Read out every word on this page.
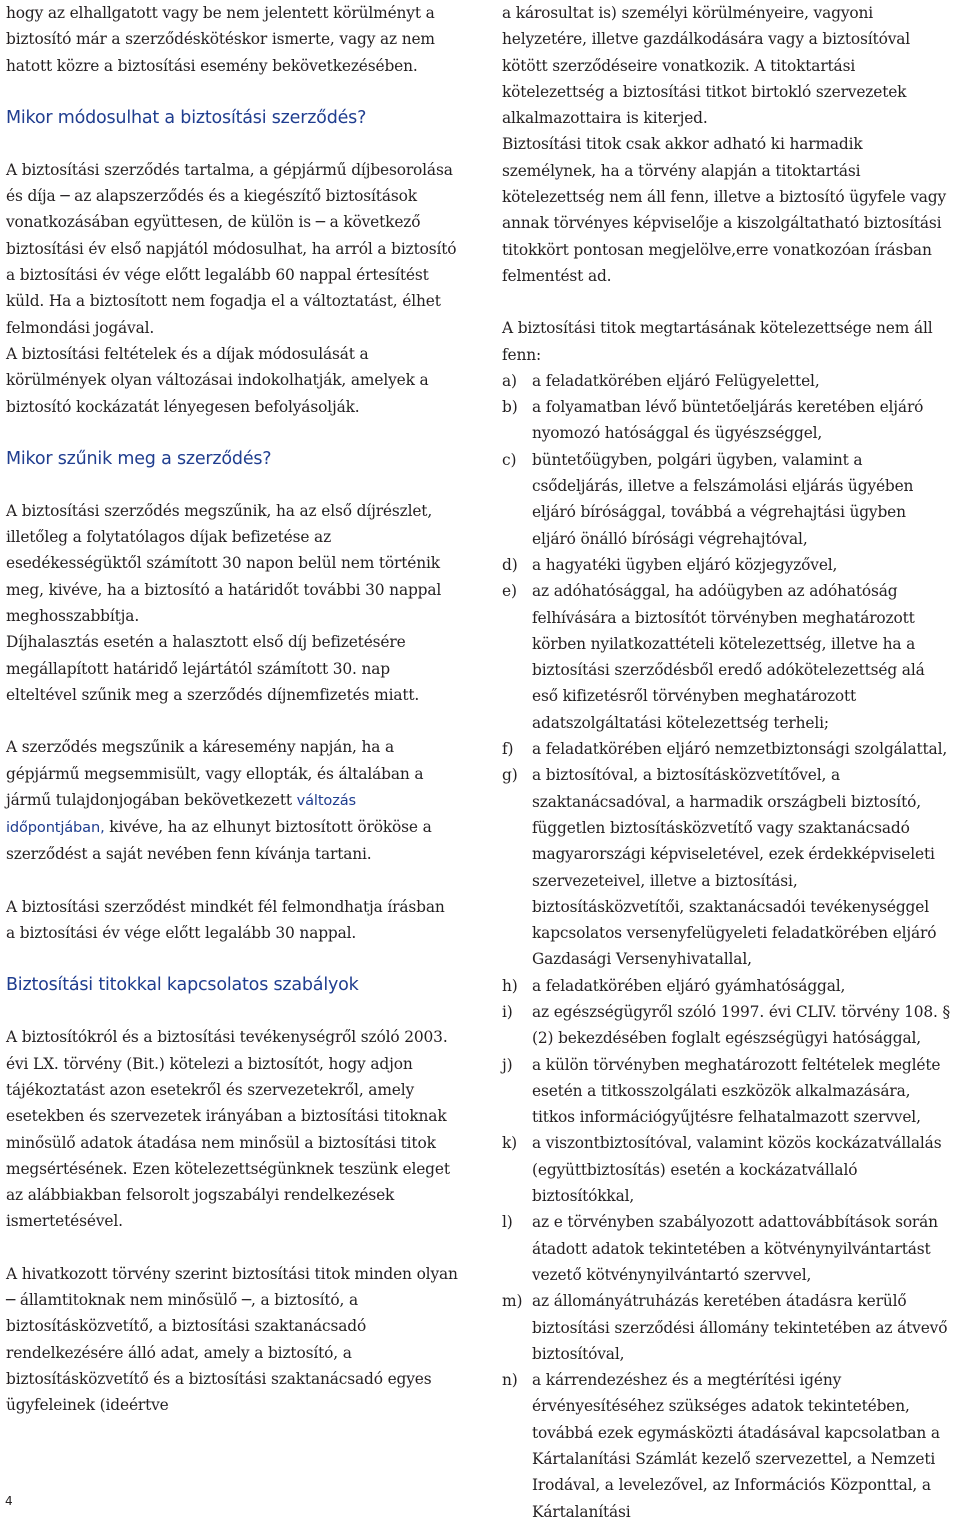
hogy az elhallgatott vagy be nem jelentett körülményt a biztosító már a szerződéskötéskor ismerte, vagy az nem hatott közre a biztosítási esemény bekövetkezésében.

Mikor módosulhat a biztosítási szerződés?

A biztosítási szerződés tartalma, a gépjármű díjbesorolása és díja ─ az alapszerződés és a kiegészítő biztosítások vonatkozásában együttesen, de külön is ─ a következő biztosítási év első napjától módosulhat, ha arról a biztosító a biztosítási év vége előtt legalább 60 nappal értesítést küld. Ha a biztosított nem fogadja el a változtatást, élhet felmondási jogával.

A biztosítási feltételek és a díjak módosulását a körülmények olyan változásai indokolhatják, amelyek a biztosító kockázatát lényegesen befolyásolják.

Mikor szűnik meg a szerződés?

A biztosítási szerződés megszűnik, ha az első díjrészlet, illetőleg a folytatólagos díjak befizetése az esedékességüktől számított 30 napon belül nem történik meg, kivéve, ha a biztosító a határidőt további 30 nappal meghosszabbítja.

Díjhalasztás esetén a halasztott első díj befizetésére megállapított határidő lejártától számított 30. nap elteltével szűnik meg a szerződés díjnemfizetés miatt.

A szerződés megszűnik a káresemény napján, ha a gépjármű megsemmisült, vagy ellopták, és általában a jármű tulajdonjogában bekövetkezett változás időpontjában, kivéve, ha az elhunyt biztosított örököse a szerződést a saját nevében fenn kívánja tartani.

A biztosítási szerződést mindkét fél felmondhatja írásban a biztosítási év vége előtt legalább 30 nappal.

Biztosítási titokkal kapcsolatos szabályok

A biztosítókról és a biztosítási tevékenységről szóló 2003. évi LX. törvény (Bit.) kötelezi a biztosítót, hogy adjon tájékoztatást azon esetekről és szervezetekről, amely esetekben és szervezetek irányában a biztosítási titoknak minősülő adatok átadása nem minősül a biztosítási titok megsértésének. Ezen kötelezettségünknek teszünk eleget az alábbiakban felsorolt jogszabályi rendelkezések ismertetésével.

A hivatkozott törvény szerint biztosítási titok minden olyan ─ államtitoknak nem minősülő ─, a biztosító, a biztosításközvetítő, a biztosítási szaktanácsadó rendelkezésére álló adat, amely a biztosító, a biztosításközvetítő és a biztosítási szaktanácsadó egyes ügyfeleinek (ideértve

a károsultat is) személyi körülményeire, vagyoni helyzetére, illetve gazdálkodására vagy a biztosítóval kötött szerződéseire vonatkozik. A titoktartási kötelezettség a biztosítási titkot birtokló szervezetek alkalmazottaira is kiterjed.

Biztosítási titok csak akkor adható ki harmadik személynek, ha a törvény alapján a titoktartási kötelezettség nem áll fenn, illetve a biztosító ügyfele vagy annak törvényes képviselője a kiszolgáltatható biztosítási titokkört pontosan megjelölve,erre vonatkozóan írásban felmentést ad.

A biztosítási titok megtartásának kötelezettsége nem áll fenn:

a) a feladatkörében eljáró Felügyelettel,
b) a folyamatban lévő büntetőeljárás keretében eljáró nyomozó hatósággal és ügyészséggel,
c)	büntetőügyben, polgári ügyben, valamint a csődeljárás, illetve a felszámolási eljárás ügyében eljáró bírósággal, továbbá a végrehajtási ügyben eljáró önálló bírósági végrehajtóval,
d) a hagyatéki ügyben eljáró közjegyzővel,
e) az adóhatósággal, ha adóügyben az adóhatóság felhívására a biztosítót törvényben meghatározott körben nyilatkozattételi kötelezettség, illetve ha a biztosítási szerződésből eredő adókötelezettség alá eső kifizetésről törvényben meghatározott adatszolgáltatási kötelezettség terheli;
f)	a feladatkörében eljáró nemzetbiztonsági szolgálattal,
g) a biztosítóval, a biztosításközvetítővel, a szaktanácsadóval, a harmadik országbeli biztosító, független biztosításközvetítő vagy szaktanácsadó magyarországi képviseletével, ezek érdekképviseleti szervezeteivel, illetve a biztosítási, biztosításközvetítői, szaktanácsadói tevékenységgel kapcsolatos versenyfelügyeleti feladatkörében eljáró Gazdasági Versenyhivatallal,
h) a feladatkörében eljáró gyámhatósággal,
i)	az egészségügyről szóló 1997. évi CLIV. törvény 108. § (2) bekezdésében foglalt egészségügyi hatósággal,
j)	a külön törvényben meghatározott feltételek megléte esetén a titkosszolgálati eszközök alkalmazására, titkos információgyűjtésre felhatalmazott szervvel,
k) a viszontbiztosítóval, valamint közös kockázatvállalás (együttbiztosítás) esetén a kockázatvállaló biztosítókkal,
l)	az e törvényben szabályozott adattovábbítások során átadott adatok tekintetében a kötvénynyilvántartást vezető kötvénynyilvántartó szervvel,
m) az állományátruházás keretében átadásra kerülő biztosítási szerződési állomány tekintetében az átvevő biztosítóval,
n) a kárrendezéshez és a megtérítési igény érvényesítéséhez szükséges adatok tekintetében, továbbá ezek egymásközti átadásával kapcsolatban a Kártalanítási Számlát kezelő szervezettel, a Nemzeti Irodával, a levelezővel, az Információs Központtal, a Kártalanítási
4
